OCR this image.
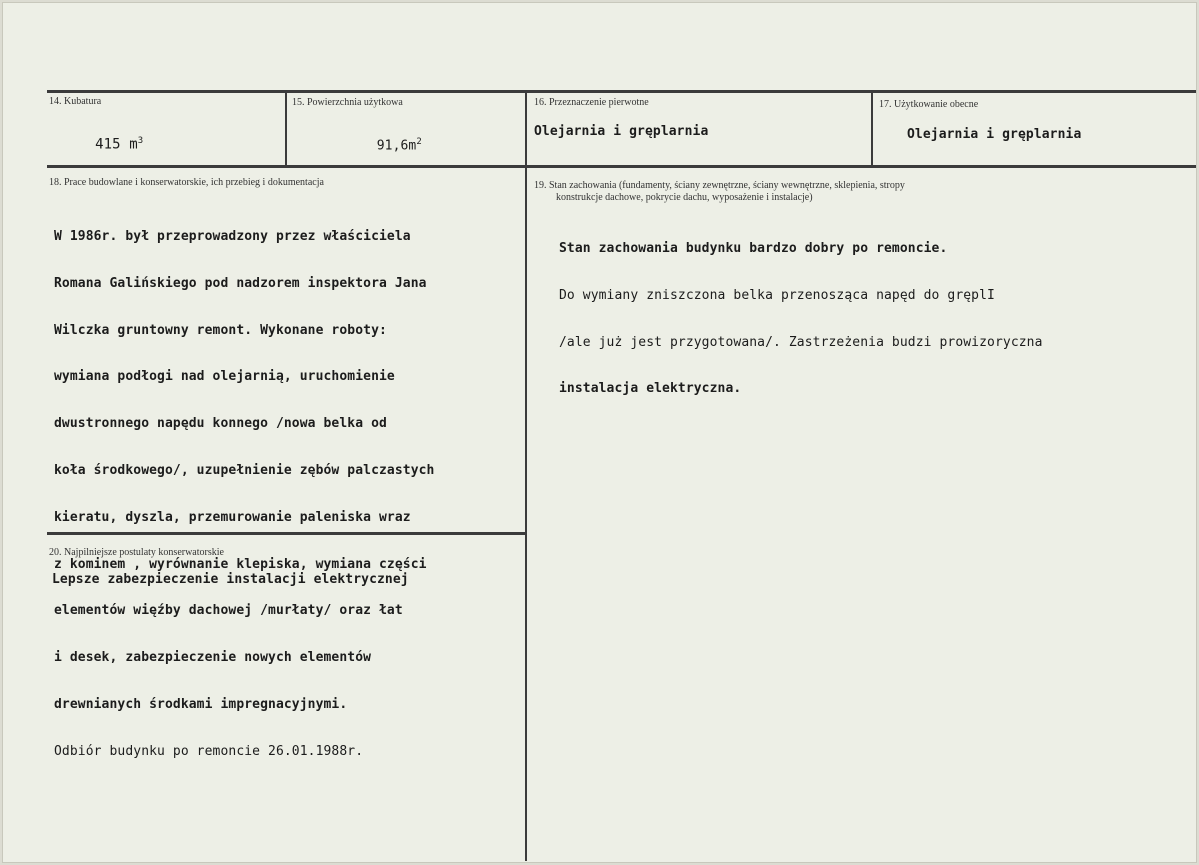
14. Kubatura

415 $m^3$

15. Powierzchnia użytkowa

$91,6m^2$

16. Przeznaczenie pierwotne
Olejarnia i gręplarnia
17. Użytkowanie obecne
Olejarnia i gręplarnia
18. Prace budowlane i konserwatorskie, ich przebieg i dokumentacja

W 1986r. był przeprowadzony przez właściciela

Romana Galińskiego pod nadzorem inspektora Jana

Wilczka gruntowny remont. Wykonane roboty:

wymiana podłogi nad olejarnią, uruchomienie

dwustronnego napędu konnego /nowa belka od

koła środkowego/, uzupełnienie zębów palczastych

kieratu, dyszla, przemurowanie paleniska wraz

z kominem , wyrównanie klepiska, wymiana części

elementów więźby dachowej /murłaty/ oraz łat

i desek, zabezpieczenie nowych elementów

drewnianych środkami impregnacyjnymi.

Odbiór budynku po remoncie 26.01.1988r.

19. Stan zachowania (fundamenty, ściany zewnętrzne, ściany wewnętrzne, sklepienia, stropy
konstrukcje dachowe, pokrycie dachu, wyposażenie i instalacje)

Stan zachowania budynku bardzo dobry po remoncie.

Do wymiany zniszczona belka przenosząca napęd do gręplI

/ale już jest przygotowana/. Zastrzeżenia budzi prowizoryczna

instalacja elektryczna.

20. Najpilniejsze postulaty konserwatorskie
Lepsze zabezpieczenie instalacji elektrycznej
